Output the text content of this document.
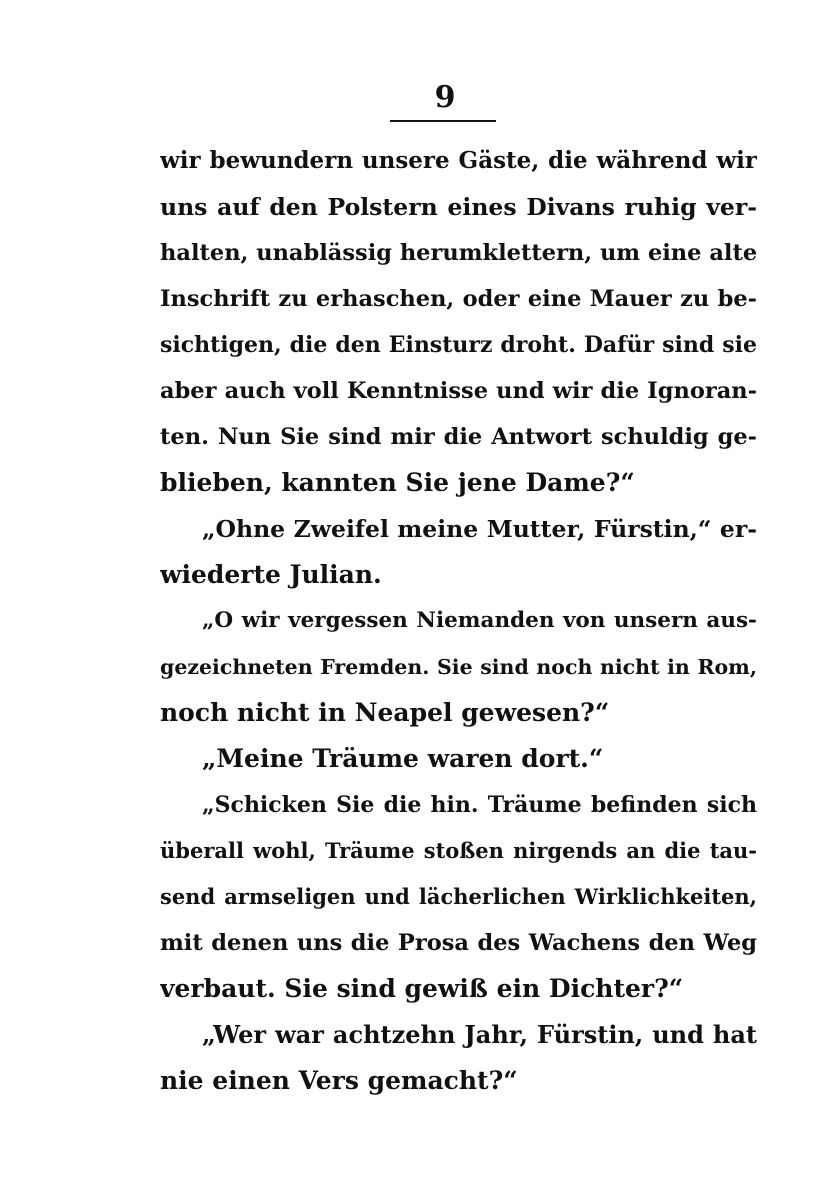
9
wir bewundern unsere Gäste, die während wir
uns auf den Polstern eines Divans ruhig ver-
halten, unablässig herumklettern, um eine alte
Inschrift zu erhaschen, oder eine Mauer zu be-
sichtigen, die den Einsturz droht. Dafür sind sie
aber auch voll Kenntnisse und wir die Ignoran-
ten. Nun Sie sind mir die Antwort schuldig ge-
blieben, kannten Sie jene Dame?“
„Ohne Zweifel meine Mutter, Fürstin,“ er-
wiederte Julian.
„O wir vergessen Niemanden von unsern aus-
gezeichneten Fremden. Sie sind noch nicht in Rom,
noch nicht in Neapel gewesen?“
„Meine Träume waren dort.“
„Schicken Sie die hin. Träume befinden sich
überall wohl, Träume stoßen nirgends an die tau-
send armseligen und lächerlichen Wirklichkeiten,
mit denen uns die Prosa des Wachens den Weg
verbaut. Sie sind gewiß ein Dichter?“
„Wer war achtzehn Jahr, Fürstin, und hat
nie einen Vers gemacht?“
